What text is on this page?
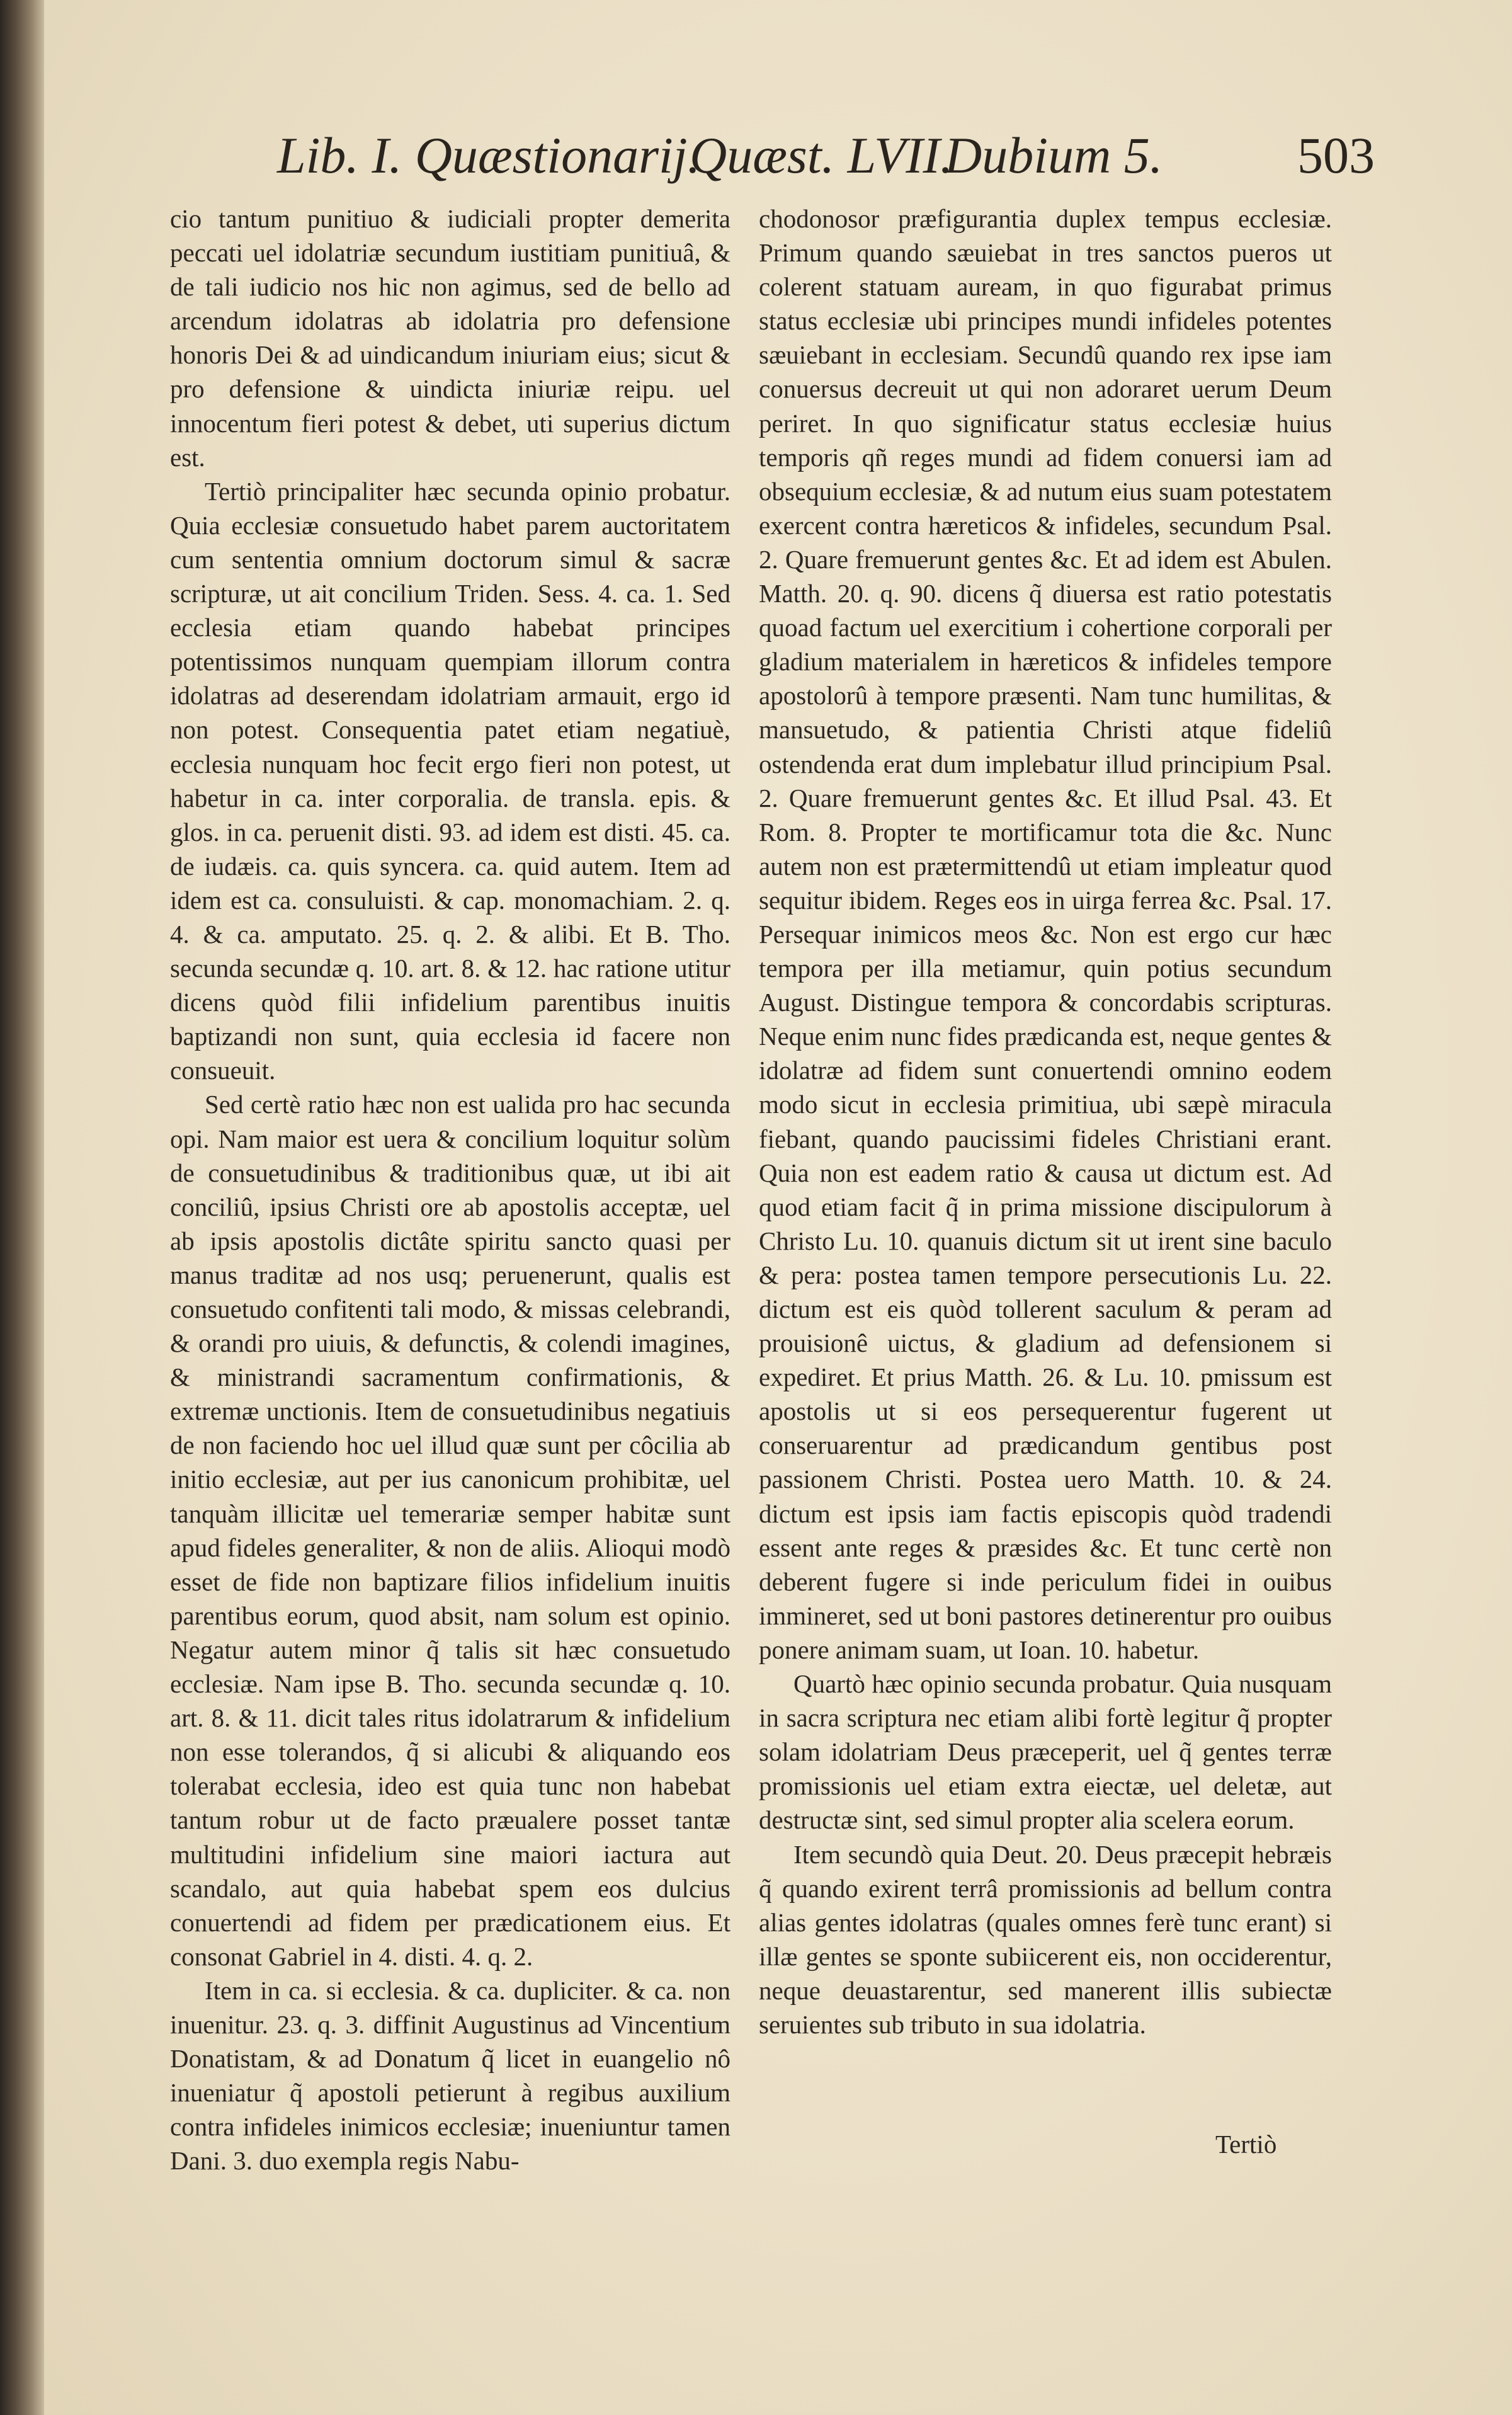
Lib. I. Quæstionarij.
Quæst. LVII.
Dubium 5.	503

cio tantum punitiuo & iudiciali propter demerita peccati uel idolatriæ secundum iustitiam punitiuâ, & de tali iudicio nos hic non agimus, sed de bello ad arcendum idolatras ab idolatria pro defensione honoris Dei & ad uindicandum iniuriam eius; sicut & pro defensione & uindicta iniuriæ reipu. uel innocentum fieri potest & debet, uti superius dictum est.

Tertiò principaliter hæc secunda opinio probatur. Quia ecclesiæ consuetudo habet parem auctoritatem cum sententia omnium doctorum simul & sacræ scripturæ, ut ait concilium Triden. Sess. 4. ca. 1. Sed ecclesia etiam quando habebat principes potentissimos nunquam quempiam illorum contra idolatras ad deserendam idolatriam armauit, ergo id non potest. Consequentia patet etiam negatiuè, ecclesia nunquam hoc fecit ergo fieri non potest, ut habetur in ca. inter corporalia. de transla. epis. & glos. in ca. peruenit disti. 93. ad idem est disti. 45. ca. de iudæis. ca. quis syncera. ca. quid autem. Item ad idem est ca. consuluisti. & cap. monomachiam. 2. q. 4. & ca. amputato. 25. q. 2. & alibi. Et B. Tho. secunda secundæ q. 10. art. 8. & 12. hac ratione utitur dicens quòd filii infidelium parentibus inuitis baptizandi non sunt, quia ecclesia id facere non consueuit.

Sed certè ratio hæc non est ualida pro hac secunda opi. Nam maior est uera & concilium loquitur solùm de consuetudinibus & traditionibus quæ, ut ibi ait conciliû, ipsius Christi ore ab apostolis acceptæ, uel ab ipsis apostolis dictâte spiritu sancto quasi per manus traditæ ad nos usq; peruenerunt, qualis est consuetudo confitenti tali modo, & missas celebrandi, & orandi pro uiuis, & defunctis, & colendi imagines, & ministrandi sacramentum confirmationis, & extremæ unctionis. Item de consuetudinibus negatiuis de non faciendo hoc uel illud quæ sunt per côcilia ab initio ecclesiæ, aut per ius canonicum prohibitæ, uel tanquàm illicitæ uel temerariæ semper habitæ sunt apud fideles generaliter, & non de aliis. Alioqui modò esset de fide non baptizare filios infidelium inuitis parentibus eorum, quod absit, nam solum est opinio. Negatur autem minor q̃ talis sit hæc consuetudo ecclesiæ. Nam ipse B. Tho. secunda secundæ q. 10. art. 8. & 11. dicit tales ritus idolatrarum & infidelium non esse tolerandos, q̃ si alicubi & aliquando eos tolerabat ecclesia, ideo est quia tunc non habebat tantum robur ut de facto præualere posset tantæ multitudini infidelium sine maiori iactura aut scandalo, aut quia habebat spem eos dulcius conuertendi ad fidem per prædicationem eius. Et consonat Gabriel in 4. disti. 4. q. 2.

Item in ca. si ecclesia. & ca. dupliciter. & ca. non inuenitur. 23. q. 3. diffinit Augustinus ad Vincentium Donatistam, & ad Donatum q̃ licet in euangelio nô inueniatur q̃ apostoli petierunt à regibus auxilium contra infideles inimicos ecclesiæ; inueniuntur tamen Dani. 3. duo exempla regis Nabu-

chodonosor præfigurantia duplex tempus ecclesiæ. Primum quando sæuiebat in tres sanctos pueros ut colerent statuam auream, in quo figurabat primus status ecclesiæ ubi principes mundi infideles potentes sæuiebant in ecclesiam. Secundû quando rex ipse iam conuersus decreuit ut qui non adoraret uerum Deum periret. In quo significatur status ecclesiæ huius temporis qñ reges mundi ad fidem conuersi iam ad obsequium ecclesiæ, & ad nutum eius suam potestatem exercent contra hæreticos & infideles, secundum Psal. 2. Quare fremuerunt gentes &c. Et ad idem est Abulen. Matth. 20. q. 90. dicens q̃ diuersa est ratio potestatis quoad factum uel exercitium i cohertione corporali per gladium materialem in hæreticos & infideles tempore apostolorû à tempore præsenti. Nam tunc humilitas, & mansuetudo, & patientia Christi atque fideliû ostendenda erat dum implebatur illud principium Psal. 2. Quare fremuerunt gentes &c. Et illud Psal. 43. Et Rom. 8. Propter te mortificamur tota die &c. Nunc autem non est prætermittendû ut etiam impleatur quod sequitur ibidem. Reges eos in uirga ferrea &c. Psal. 17. Persequar inimicos meos &c. Non est ergo cur hæc tempora per illa metiamur, quin potius secundum August. Distingue tempora & concordabis scripturas. Neque enim nunc fides prædicanda est, neque gentes & idolatræ ad fidem sunt conuertendi omnino eodem modo sicut in ecclesia primitiua, ubi sæpè miracula fiebant, quando paucissimi fideles Christiani erant. Quia non est eadem ratio & causa ut dictum est. Ad quod etiam facit q̃ in prima missione discipulorum à Christo Lu. 10. quanuis dictum sit ut irent sine baculo & pera: postea tamen tempore persecutionis Lu. 22. dictum est eis quòd tollerent saculum & peram ad prouisionê uictus, & gladium ad defensionem si expediret. Et prius Matth. 26. & Lu. 10. pmissum est apostolis ut si eos persequerentur fugerent ut conseruarentur ad prædicandum gentibus post passionem Christi. Postea uero Matth. 10. & 24. dictum est ipsis iam factis episcopis quòd tradendi essent ante reges & præsides &c. Et tunc certè non deberent fugere si inde periculum fidei in ouibus immineret, sed ut boni pastores detinerentur pro ouibus ponere animam suam, ut Ioan. 10. habetur.

Quartò hæc opinio secunda probatur. Quia nusquam in sacra scriptura nec etiam alibi fortè legitur q̃ propter solam idolatriam Deus præceperit, uel q̃ gentes terræ promissionis uel etiam extra eiectæ, uel deletæ, aut destructæ sint, sed simul propter alia scelera eorum.

Item secundò quia Deut. 20. Deus præcepit hebræis q̃ quando exirent terrâ promissionis ad bellum contra alias gentes idolatras (quales omnes ferè tunc erant) si illæ gentes se sponte subiicerent eis, non occiderentur, neque deuastarentur, sed manerent illis subiectæ seruientes sub tributo in sua idolatria.

Tertiò
